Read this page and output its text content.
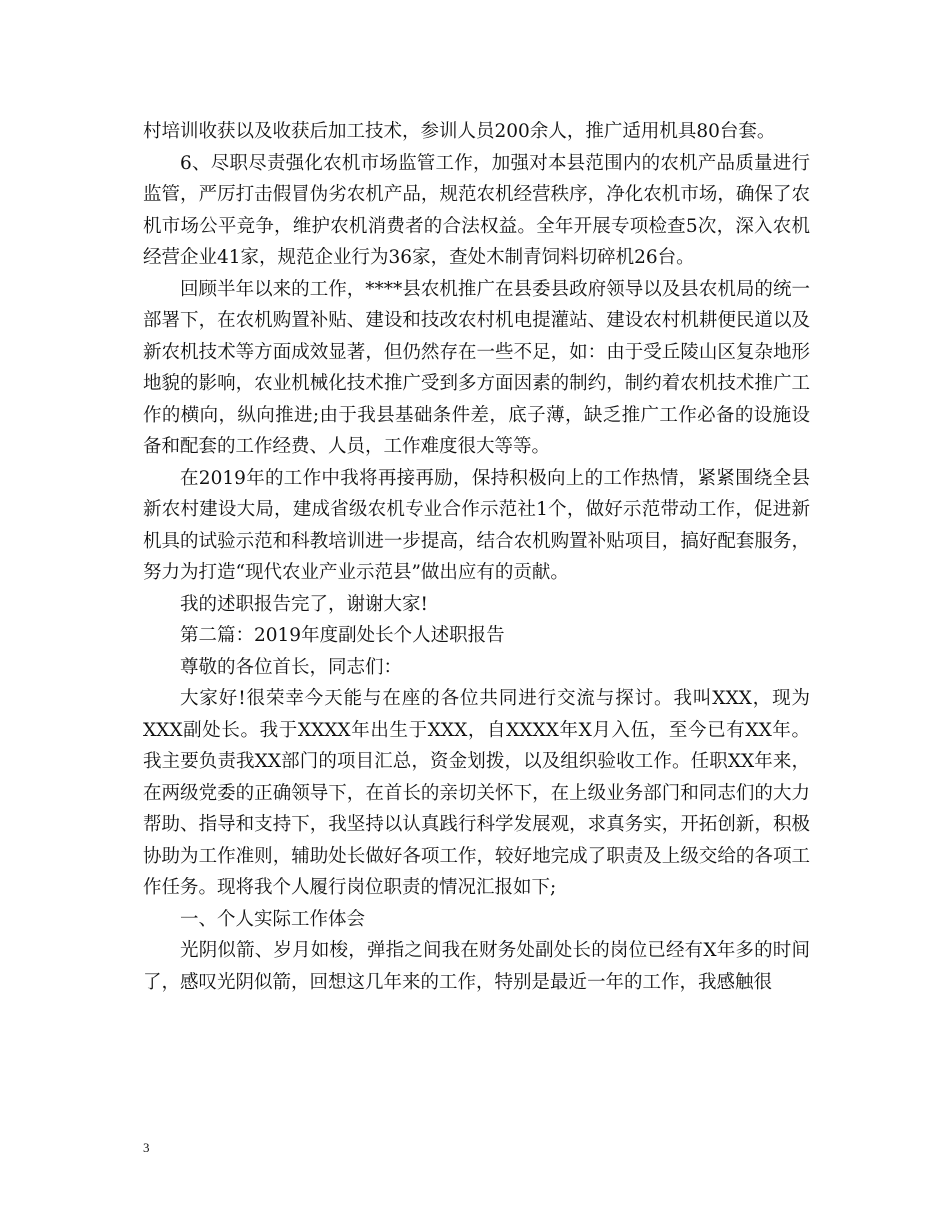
村培训收获以及收获后加工技术，参训人员200余人，推广适用机具80台套。

6、尽职尽责强化农机市场监管工作，加强对本县范围内的农机产品质量进行监管，严厉打击假冒伪劣农机产品，规范农机经营秩序，净化农机市场，确保了农机市场公平竞争，维护农机消费者的合法权益。全年开展专项检查5次，深入农机经营企业41家，规范企业行为36家，查处木制青饲料切碎机26台。

回顾半年以来的工作，****县农机推广在县委县政府领导以及县农机局的统一部署下，在农机购置补贴、建设和技改农村机电提灌站、建设农村机耕便民道以及新农机技术等方面成效显著，但仍然存在一些不足，如：由于受丘陵山区复杂地形地貌的影响，农业机械化技术推广受到多方面因素的制约，制约着农机技术推广工作的横向，纵向推进;由于我县基础条件差，底子薄，缺乏推广工作必备的设施设备和配套的工作经费、人员，工作难度很大等等。

在2019年的工作中我将再接再励，保持积极向上的工作热情，紧紧围绕全县新农村建设大局，建成省级农机专业合作示范社1个，做好示范带动工作，促进新机具的试验示范和科教培训进一步提高，结合农机购置补贴项目，搞好配套服务，努力为打造“现代农业产业示范县”做出应有的贡献。

我的述职报告完了，谢谢大家!

第二篇：2019年度副处长个人述职报告

尊敬的各位首长，同志们：

大家好!很荣幸今天能与在座的各位共同进行交流与探讨。我叫XXX，现为XXX副处长。我于XXXX年出生于XXX，自XXXX年X月入伍，至今已有XX年。我主要负责我XX部门的项目汇总，资金划拨，以及组织验收工作。任职XX年来，在两级党委的正确领导下，在首长的亲切关怀下，在上级业务部门和同志们的大力帮助、指导和支持下，我坚持以认真践行科学发展观，求真务实，开拓创新，积极协助为工作准则，辅助处长做好各项工作，较好地完成了职责及上级交给的各项工作任务。现将我个人履行岗位职责的情况汇报如下;

一、个人实际工作体会

光阴似箭、岁月如梭，弹指之间我在财务处副处长的岗位已经有X年多的时间了，感叹光阴似箭，回想这几年来的工作，特别是最近一年的工作，我感触很

3
